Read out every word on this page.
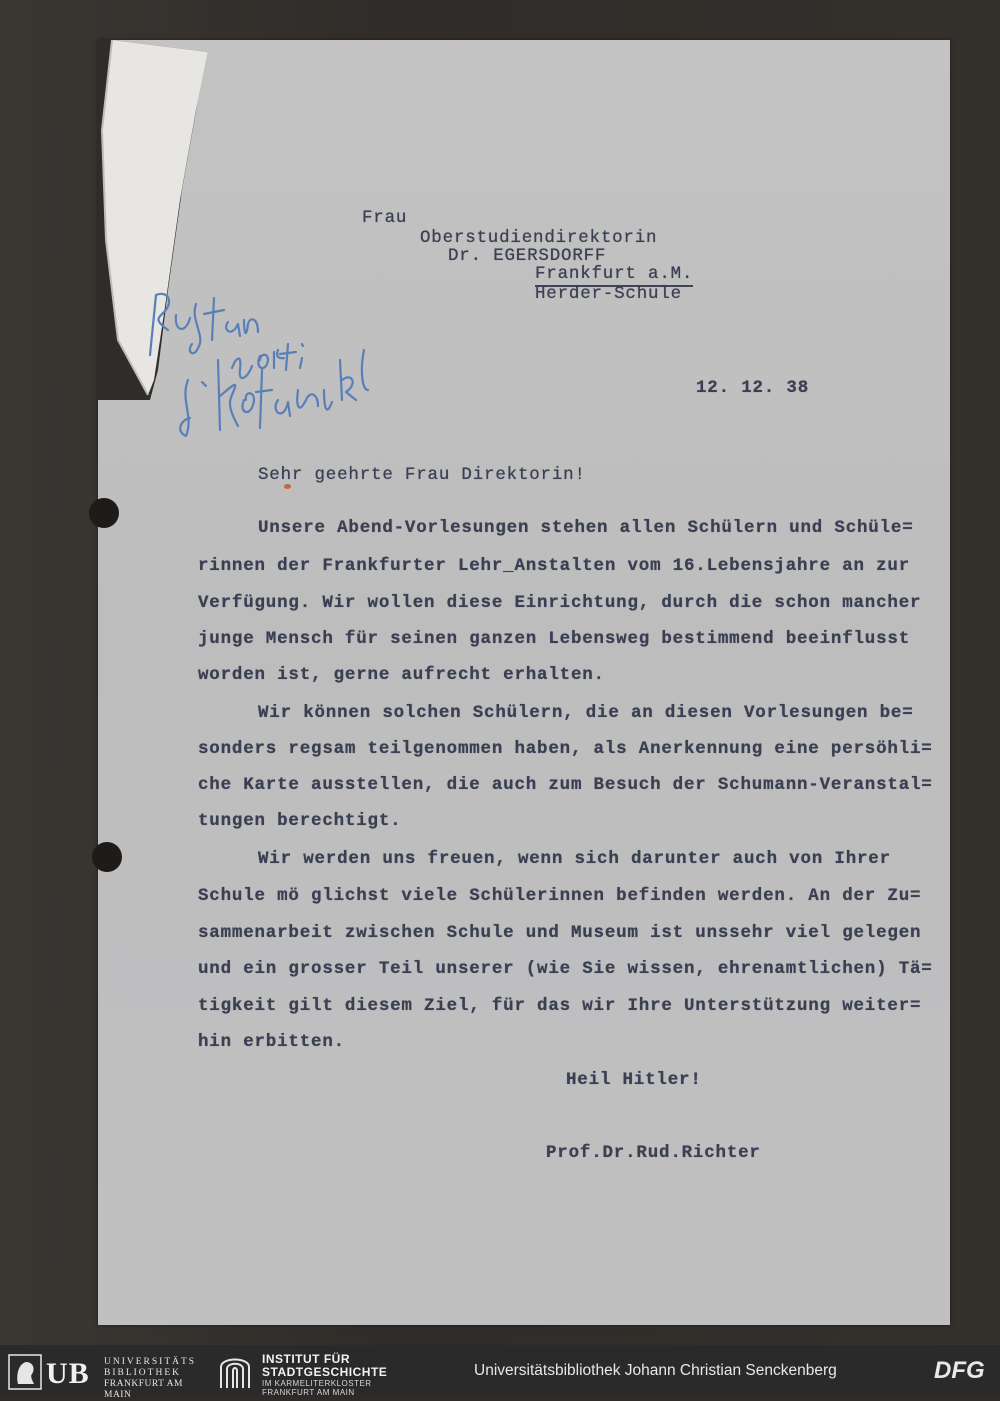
Frau
Oberstudiendirektorin
Dr. EGERSDORFF
Frankfurt a.M.
Herder-Schule
12. 12. 38
Sehr geehrte Frau Direktorin!
Unsere Abend-Vorlesungen stehen allen Schülern und Schüle=
rinnen der Frankfurter Lehr_Anstalten vom 16.Lebensjahre an zur
Verfügung. Wir wollen diese Einrichtung, durch die schon mancher
junge Mensch für seinen ganzen Lebensweg bestimmend beeinflusst
worden ist, gerne aufrecht erhalten.
Wir können solchen Schülern, die an diesen Vorlesungen be=
sonders regsam teilgenommen haben, als Anerkennung eine persöhli=
che Karte ausstellen, die auch zum Besuch der Schumann-Veranstal=
tungen berechtigt.
Wir werden uns freuen, wenn sich darunter auch von Ihrer
Schule mö glichst viele Schülerinnen befinden werden. An der Zu=
sammenarbeit zwischen Schule und Museum ist unssehr viel gelegen
und ein grosser Teil unserer (wie Sie wissen, ehrenamtlichen) Tä=
tigkeit gilt diesem Ziel, für das wir Ihre Unterstützung weiter=
hin erbitten.
Heil Hitler!
Prof.Dr.Rud.Richter
UB UNIVERSITÄTS
BIBLIOTHEK
FRANKFURT AM MAIN
INSTITUT FÜR
STADTGESCHICHTE
IM KARMELITERKLOSTER
FRANKFURT AM MAIN
Universitätsbibliothek Johann Christian Senckenberg	DFG
